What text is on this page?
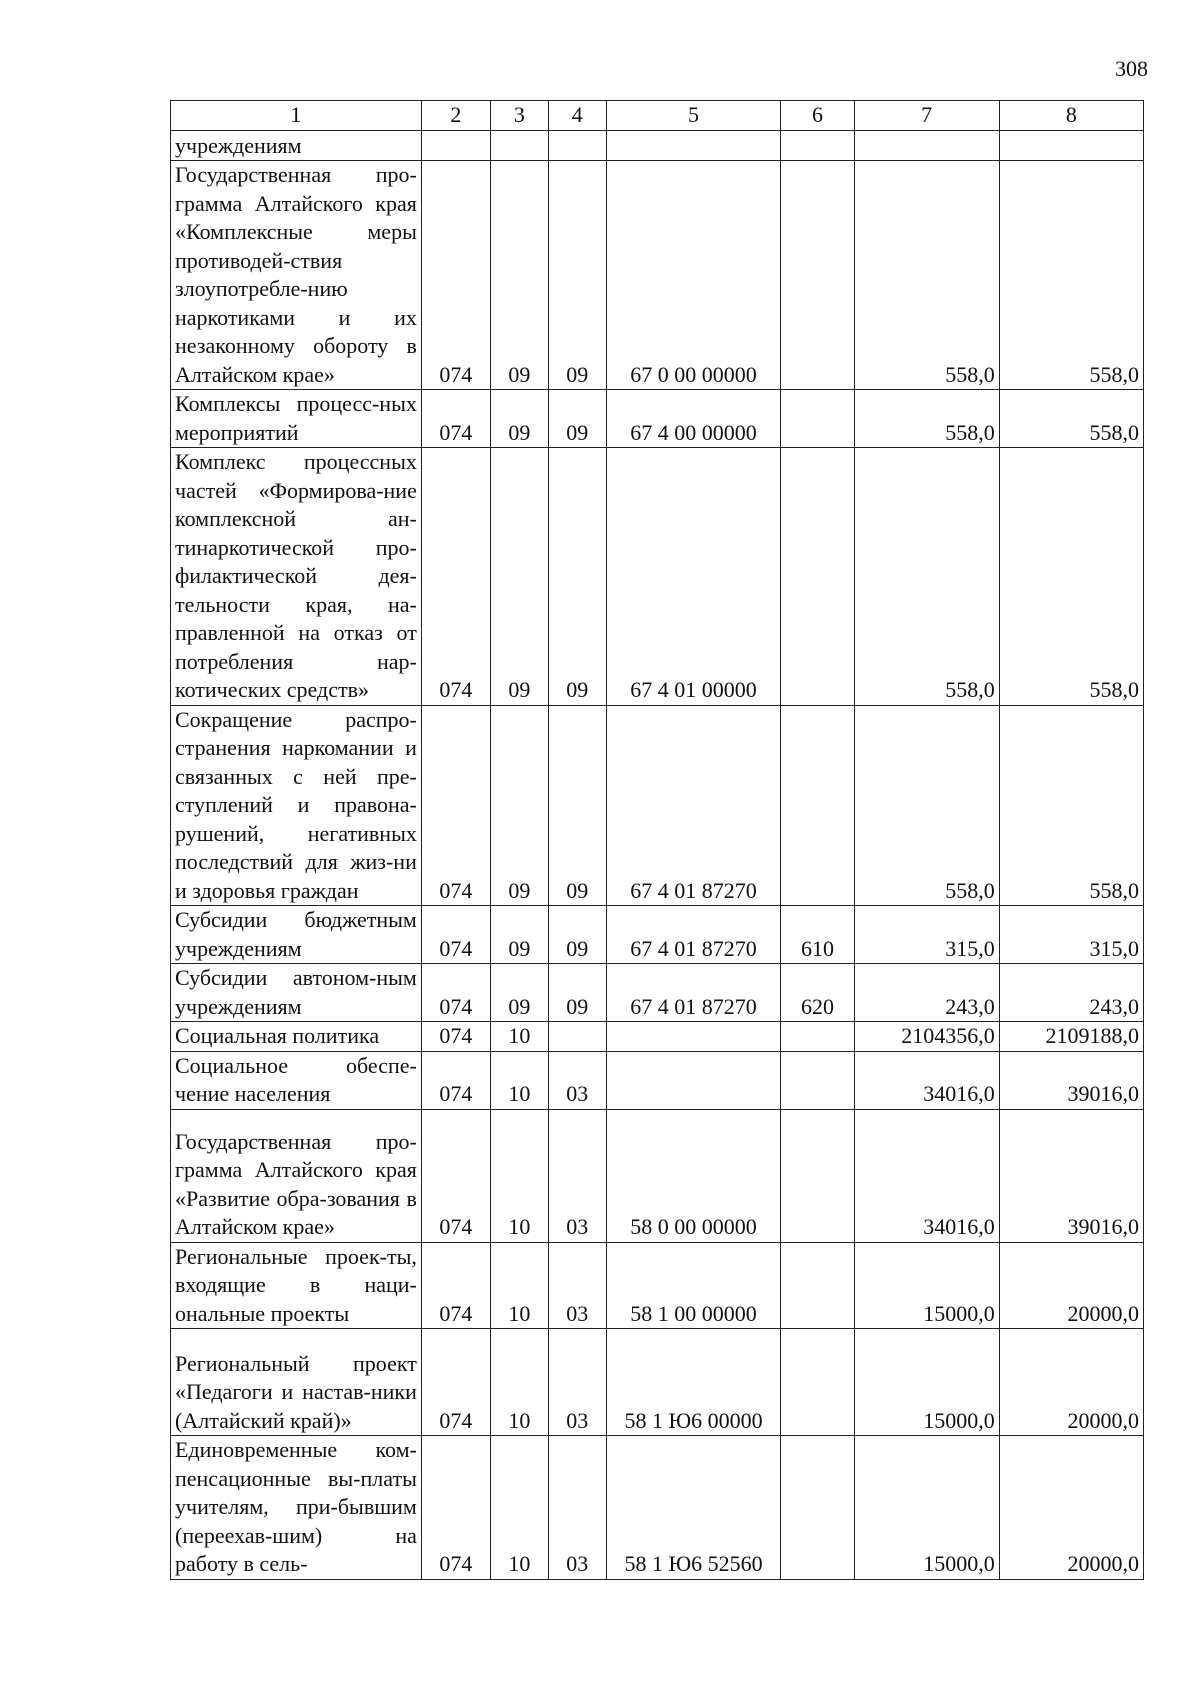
308
1	2	3	4	5	6	7	8
учреждениям							
Государственная про-грамма Алтайского края «Комплексные меры противодей-ствия злоупотребле-нию наркотиками и их незаконному обороту в Алтайском крае»	074	09	09	67 0 00 00000		558,0	558,0
Комплексы процесс-ных мероприятий	074	09	09	67 4 00 00000		558,0	558,0
Комплекс процессных частей «Формирова-ние комплексной ан-тинаркотической про-филактической дея-тельности края, на-правленной на отказ от потребления нар-котических средств»	074	09	09	67 4 01 00000		558,0	558,0
Сокращение распро-странения наркомании и связанных с ней пре-ступлений и правона-рушений, негативных последствий для жиз-ни и здоровья граждан	074	09	09	67 4 01 87270		558,0	558,0
Субсидии бюджетным учреждениям	074	09	09	67 4 01 87270	610	315,0	315,0
Субсидии автоном-ным учреждениям	074	09	09	67 4 01 87270	620	243,0	243,0
Социальная политика	074	10				2104356,0	2109188,0
Социальное обеспе-чение населения	074	10	03			34016,0	39016,0
Государственная про-грамма Алтайского края «Развитие обра-зования в Алтайском крае»	074	10	03	58 0 00 00000		34016,0	39016,0
Региональные проек-ты, входящие в наци-ональные проекты	074	10	03	58 1 00 00000		15000,0	20000,0
Региональный проект «Педагоги и настав-ники (Алтайский край)»	074	10	03	58 1 Ю6 00000		15000,0	20000,0
Единовременные ком-пенсационные вы-платы учителям, при-бывшим (переехав-шим) на работу в сель-	074	10	03	58 1 Ю6 52560		15000,0	20000,0
